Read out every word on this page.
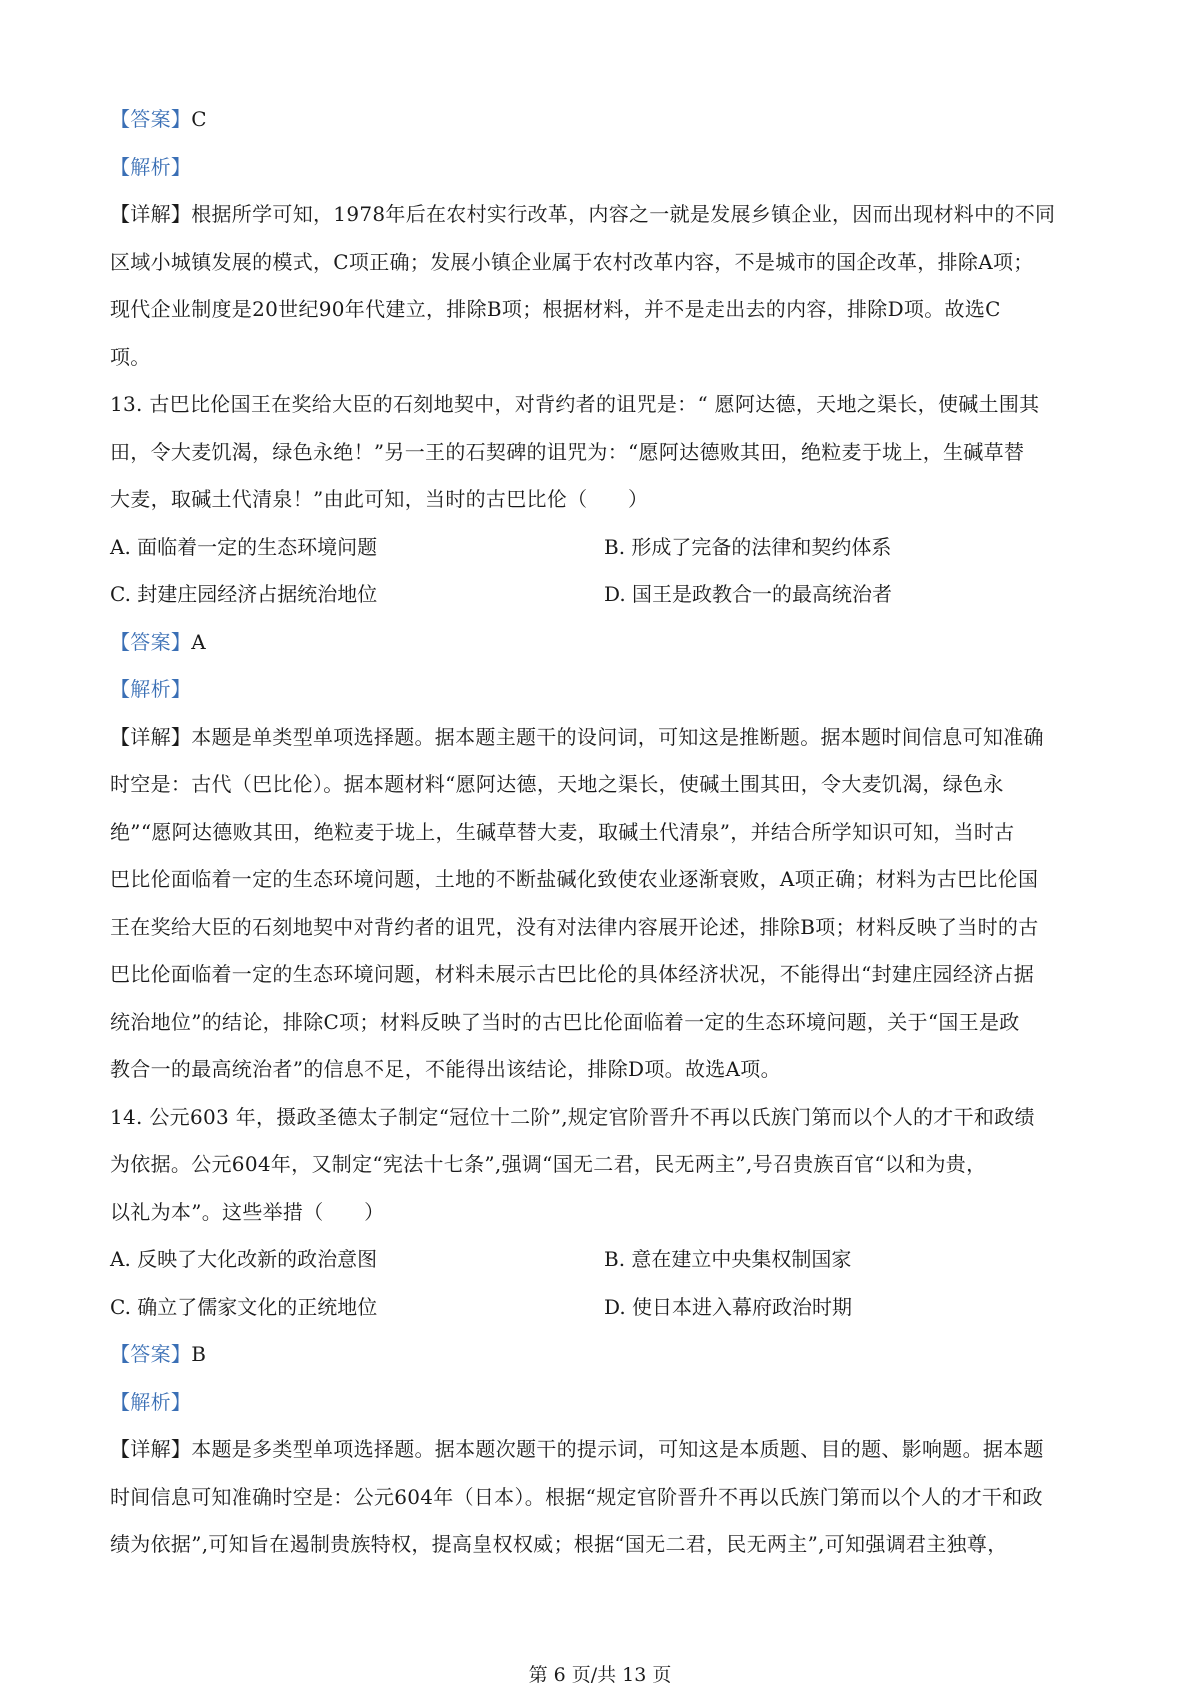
【答案】C
【解析】
【详解】根据所学可知，1978年后在农村实行改革，内容之一就是发展乡镇企业，因而出现材料中的不同
区域小城镇发展的模式，C项正确；发展小镇企业属于农村改革内容，不是城市的国企改革，排除A项；
现代企业制度是20世纪90年代建立，排除B项；根据材料，并不是走出去的内容，排除D项。故选C
项。
13. 古巴比伦国王在奖给大臣的石刻地契中，对背约者的诅咒是：“ 愿阿达德，天地之渠长，使碱土围其
田，令大麦饥渴，绿色永绝！”另一王的石契碑的诅咒为：“愿阿达德败其田，绝粒麦于垅上，生碱草替
大麦，取碱土代清泉！”由此可知，当时的古巴比伦（　　）
A. 面临着一定的生态环境问题	B. 形成了完备的法律和契约体系
C. 封建庄园经济占据统治地位	D. 国王是政教合一的最高统治者
【答案】A
【解析】
【详解】本题是单类型单项选择题。据本题主题干的设问词，可知这是推断题。据本题时间信息可知准确
时空是：古代（巴比伦）。据本题材料“愿阿达德，天地之渠长，使碱土围其田，令大麦饥渴，绿色永
绝”“愿阿达德败其田，绝粒麦于垅上，生碱草替大麦，取碱土代清泉”，并结合所学知识可知，当时古
巴比伦面临着一定的生态环境问题，土地的不断盐碱化致使农业逐渐衰败，A项正确；材料为古巴比伦国
王在奖给大臣的石刻地契中对背约者的诅咒，没有对法律内容展开论述，排除B项；材料反映了当时的古
巴比伦面临着一定的生态环境问题，材料未展示古巴比伦的具体经济状况，不能得出“封建庄园经济占据
统治地位”的结论，排除C项；材料反映了当时的古巴比伦面临着一定的生态环境问题，关于“国王是政
教合一的最高统治者”的信息不足，不能得出该结论，排除D项。故选A项。
14. 公元603 年，摄政圣德太子制定“冠位十二阶”,规定官阶晋升不再以氏族门第而以个人的才干和政绩
为依据。公元604年，又制定“宪法十七条”,强调“国无二君，民无两主”,号召贵族百官“以和为贵，
以礼为本”。这些举措（　　）
A. 反映了大化改新的政治意图	B. 意在建立中央集权制国家
C. 确立了儒家文化的正统地位	D. 使日本进入幕府政治时期
【答案】B
【解析】
【详解】本题是多类型单项选择题。据本题次题干的提示词，可知这是本质题、目的题、影响题。据本题
时间信息可知准确时空是：公元604年（日本）。根据“规定官阶晋升不再以氏族门第而以个人的才干和政
绩为依据”,可知旨在遏制贵族特权，提高皇权权威；根据“国无二君，民无两主”,可知强调君主独尊，
第 6 页/共 13 页
